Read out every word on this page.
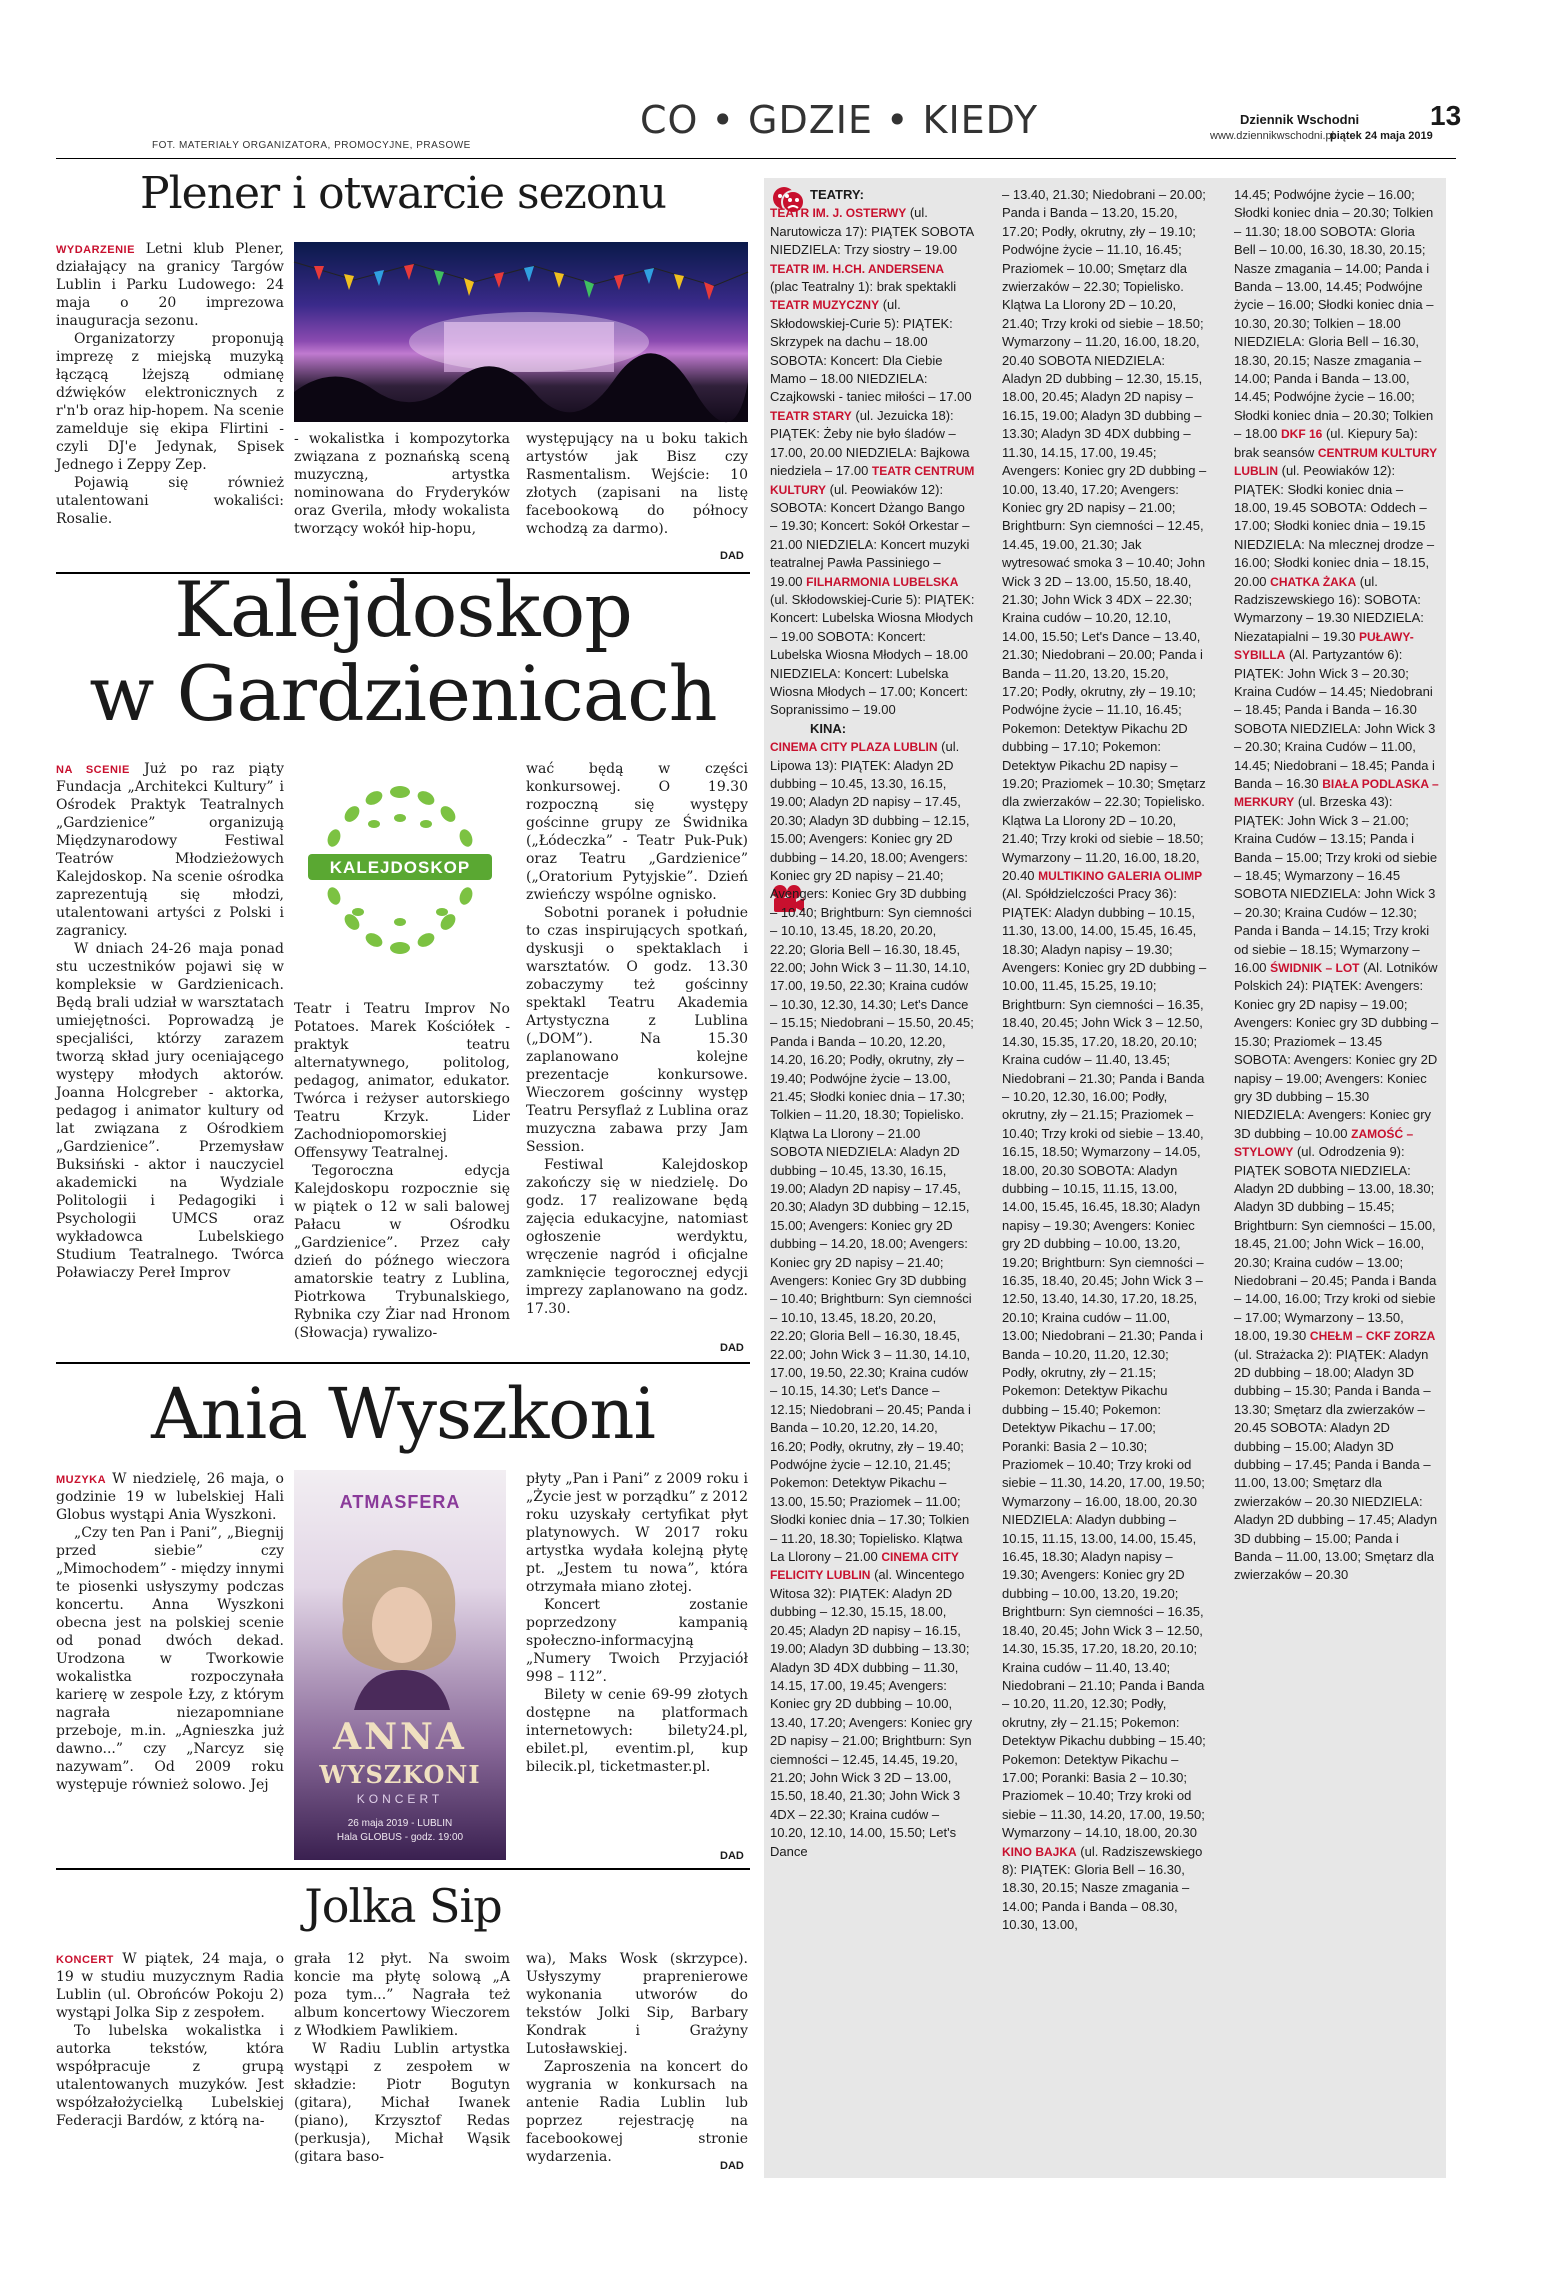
FOT. MATERIAŁY ORGANIZATORA, PROMOCYJNE, PRASOWE
CO • GDZIE • KIEDY	Dziennik Wschodni	13
www.dziennikwschodni.pl
piątek 24 maja 2019
Plener i otwarcie sezonu

WYDARZENIE Letni klub Plener, działający na granicy Targów Lublin i Parku Ludowego: 24 maja o 20 imprezowa inauguracja sezonu.

Organizatorzy proponują imprezę z miejską muzyką łączącą lżejszą odmianę dźwięków elektronicznych z r'n'b oraz hip-hopem. Na scenie zamelduje się ekipa Flirtini - czyli DJ'e Jedynak, Spisek Jednego i Zeppy Zep.

Pojawią się również utalentowani wokaliści: Rosalie.

- wokalistka i kompozytorka związana z poznańską sceną muzyczną, artystka nominowana do Fryderyków oraz Gverila, młody wokalista tworzący wokół hip-hopu,

występujący na u boku takich artystów jak Bisz czy Rasmentalism. Wejście: 10 złotych (zapisani na listę facebookową do północy wchodzą za darmo).

DAD
Kalejdoskop
w Gardzienicach

NA SCENIE Już po raz piąty Fundacja „Architekci Kultury” i Ośrodek Praktyk Teatralnych „Gardzienice” organizują Międzynarodowy Festiwal Teatrów Młodzieżowych Kalejdoskop. Na scenie ośrodka zaprezentują się młodzi, utalentowani artyści z Polski i zagranicy.

W dniach 24-26 maja ponad stu uczestników pojawi się w kompleksie w Gardzienicach. Będą brali udział w warsztatach umiejętności. Poprowadzą je specjaliści, którzy zarazem tworzą skład jury oceniającego występy młodych aktorów. Joanna Holcgreber - aktorka, pedagog i animator kultury od lat związana z Ośrodkiem „Gardzienice”. Przemysław Buksiński - aktor i nauczyciel akademicki na Wydziale Politologii i Pedagogiki i Psychologii UMCS oraz wykładowca Lubelskiego Studium Teatralnego. Twórca Poławiaczy Pereł Improv

KALEJDOSKOP

Teatr i Teatru Improv No Potatoes. Marek Kościółek - praktyk teatru alternatywnego, politolog, pedagog, animator, edukator. Twórca i reżyser autorskiego Teatru Krzyk. Lider Zachodniopomorskiej Offensywy Teatralnej.

Tegoroczna edycja Kalejdoskopu rozpocznie się w piątek o 12 w sali balowej Pałacu w Ośrodku „Gardzienice”. Przez cały dzień do późnego wieczora amatorskie teatry z Lublina, Piotrkowa Trybunalskiego, Rybnika czy Żiar nad Hronom (Słowacja) rywalizo-

wać będą w części konkursowej. O 19.30 rozpoczną się występy gościnne grupy ze Świdnika („Łódeczka” - Teatr Puk-Puk) oraz Teatru „Gardzienice” („Oratorium Pytyjskie”. Dzień zwieńczy wspólne ognisko.

Sobotni poranek i południe to czas inspirujących spotkań, dyskusji o spektaklach i warsztatów. O godz. 13.30 zobaczymy też gościnny spektakl Teatru Akademia Artystyczna z Lublina („DOM”). Na 15.30 zaplanowano kolejne prezentacje konkursowe. Wieczorem gościnny występ Teatru Persyflaż z Lublina oraz muzyczna zabawa przy Jam Session.

Festiwal Kalejdoskop zakończy się w niedzielę. Do godz. 17 realizowane będą zajęcia edukacyjne, natomiast ogłoszenie werdyktu, wręczenie nagród i oficjalne zamknięcie tegorocznej edycji imprezy zaplanowano na godz. 17.30.

DAD
Ania Wyszkoni

MUZYKA W niedzielę, 26 maja, o godzinie 19 w lubelskiej Hali Globus wystąpi Ania Wyszkoni.

„Czy ten Pan i Pani”, „Biegnij przed siebie” czy „Mimochodem” - między innymi te piosenki usłyszymy podczas koncertu. Anna Wyszkoni obecna jest na polskiej scenie od ponad dwóch dekad. Urodzona w Tworkowie wokalistka rozpoczynała karierę w zespole Łzy, z którym nagrała niezapomniane przeboje, m.in. „Agnieszka już dawno...” czy „Narcyz się nazywam”. Od 2009 roku występuje również solowo. Jej

ATMASFERA
ANNA
WYSZKONI
KONCERT
26 maja 2019 - LUBLIN
Hala GLOBUS - godz. 19:00

płyty „Pan i Pani” z 2009 roku i „Życie jest w porządku” z 2012 roku uzyskały certyfikat płyt platynowych. W 2017 roku artystka wydała kolejną płytę pt. „Jestem tu nowa”, która otrzymała miano złotej.

Koncert zostanie poprzedzony kampanią społeczno-informacyjną „Numery Twoich Przyjaciół 998 – 112”.

Bilety w cenie 69-99 złotych dostępne na platformach internetowych: bilety24.pl, ebilet.pl, eventim.pl, kup bilecik.pl, ticketmaster.pl.

DAD
Jolka Sip

KONCERT W piątek, 24 maja, o 19 w studiu muzycznym Radia Lublin (ul. Obrońców Pokoju 2) wystąpi Jolka Sip z zespołem.

To lubelska wokalistka i autorka tekstów, która współpracuje z grupą utalentowanych muzyków. Jest współzałożycielką Lubelskiej Federacji Bardów, z którą na-

grała 12 płyt. Na swoim koncie ma płytę solową „A poza tym...” Nagrała też album koncertowy Wieczorem z Włodkiem Pawlikiem.

W Radiu Lublin artystka wystąpi z zespołem w składzie: Piotr Bogutyn (gitara), Michał Iwanek (piano), Krzysztof Redas (perkusja), Michał Wąsik (gitara baso-

wa), Maks Wosk (skrzypce). Usłyszymy praprenierowe wykonania utworów do tekstów Jolki Sip, Barbary Kondrak i Grażyny Lutosławskiej.

Zaproszenia na koncert do wygrania w konkursach na antenie Radia Lublin lub poprzez rejestrację na facebookowej stronie wydarzenia.

DAD
TEATRY:
TEATR IM. J. OSTERWY (ul. Narutowicza 17): PIĄTEK SOBOTA NIEDZIELA: Trzy siostry – 19.00 TEATR IM. H.CH. ANDERSENA (plac Teatralny 1): brak spektakli TEATR MUZYCZNY (ul. Skłodowskiej-Curie 5): PIĄTEK: Skrzypek na dachu – 18.00 SOBOTA: Koncert: Dla Ciebie Mamo – 18.00 NIEDZIELA: Czajkowski - taniec miłości – 17.00 TEATR STARY (ul. Jezuicka 18): PIĄTEK: Żeby nie było śladów – 17.00, 20.00 NIEDZIELA: Bajkowa niedziela – 17.00 TEATR CENTRUM KULTURY (ul. Peowiaków 12): SOBOTA: Koncert Dżango Bango – 19.30; Koncert: Sokół Orkestar – 21.00 NIEDZIELA: Koncert muzyki teatralnej Pawła Passiniego – 19.00 FILHARMONIA LUBELSKA (ul. Skłodowskiej-Curie 5): PIĄTEK: Koncert: Lubelska Wiosna Młodych – 19.00 SOBOTA: Koncert: Lubelska Wiosna Młodych – 18.00 NIEDZIELA: Koncert: Lubelska Wiosna Młodych – 17.00; Koncert: Sopranissimo – 19.00
KINA:
CINEMA CITY PLAZA LUBLIN (ul. Lipowa 13): PIĄTEK: Aladyn 2D dubbing – 10.45, 13.30, 16.15, 19.00; Aladyn 2D napisy – 17.45, 20.30; Aladyn 3D dubbing – 12.15, 15.00; Avengers: Koniec gry 2D dubbing – 14.20, 18.00; Avengers: Koniec gry 2D napisy – 21.40; Avengers: Koniec Gry 3D dubbing – 10.40; Brightburn: Syn ciemności – 10.10, 13.45, 18.20, 20.20, 22.20; Gloria Bell – 16.30, 18.45, 22.00; John Wick 3 – 11.30, 14.10, 17.00, 19.50, 22.30; Kraina cudów – 10.30, 12.30, 14.30; Let's Dance – 15.15; Niedobrani – 15.50, 20.45; Panda i Banda – 10.20, 12.20, 14.20, 16.20; Podły, okrutny, zły – 19.40; Podwójne życie – 13.00, 21.45; Słodki koniec dnia – 17.30; Tolkien – 11.20, 18.30; Topielisko. Klątwa La Llorony – 21.00 SOBOTA NIEDZIELA: Aladyn 2D dubbing – 10.45, 13.30, 16.15, 19.00; Aladyn 2D napisy – 17.45, 20.30; Aladyn 3D dubbing – 12.15, 15.00; Avengers: Koniec gry 2D dubbing – 14.20, 18.00; Avengers: Koniec gry 2D napisy – 21.40; Avengers: Koniec Gry 3D dubbing – 10.40; Brightburn: Syn ciemności – 10.10, 13.45, 18.20, 20.20, 22.20; Gloria Bell – 16.30, 18.45, 22.00; John Wick 3 – 11.30, 14.10, 17.00, 19.50, 22.30; Kraina cudów – 10.15, 14.30; Let's Dance – 12.15; Niedobrani – 20.45; Panda i Banda – 10.20, 12.20, 14.20, 16.20; Podły, okrutny, zły – 19.40; Podwójne życie – 12.10, 21.45; Pokemon: Detektyw Pikachu – 13.00, 15.50; Praziomek – 11.00; Słodki koniec dnia – 17.30; Tolkien – 11.20, 18.30; Topielisko. Klątwa La Llorony – 21.00 CINEMA CITY FELICITY LUBLIN (al. Wincentego Witosa 32): PIĄTEK: Aladyn 2D dubbing – 12.30, 15.15, 18.00, 20.45; Aladyn 2D napisy – 16.15, 19.00; Aladyn 3D dubbing – 13.30; Aladyn 3D 4DX dubbing – 11.30, 14.15, 17.00, 19.45; Avengers: Koniec gry 2D dubbing – 10.00, 13.40, 17.20; Avengers: Koniec gry 2D napisy – 21.00; Brightburn: Syn ciemności – 12.45, 14.45, 19.20, 21.20; John Wick 3 2D – 13.00, 15.50, 18.40, 21.30; John Wick 3 4DX – 22.30; Kraina cudów – 10.20, 12.10, 14.00, 15.50; Let's Dance
– 13.40, 21.30; Niedobrani – 20.00; Panda i Banda – 13.20, 15.20, 17.20; Podły, okrutny, zły – 19.10; Podwójne życie – 11.10, 16.45; Praziomek – 10.00; Smętarz dla zwierzaków – 22.30; Topielisko. Klątwa La Llorony 2D – 10.20, 21.40; Trzy kroki od siebie – 18.50; Wymarzony – 11.20, 16.00, 18.20, 20.40 SOBOTA NIEDZIELA: Aladyn 2D dubbing – 12.30, 15.15, 18.00, 20.45; Aladyn 2D napisy – 16.15, 19.00; Aladyn 3D dubbing – 13.30; Aladyn 3D 4DX dubbing – 11.30, 14.15, 17.00, 19.45; Avengers: Koniec gry 2D dubbing – 10.00, 13.40, 17.20; Avengers: Koniec gry 2D napisy – 21.00; Brightburn: Syn ciemności – 12.45, 14.45, 19.00, 21.30; Jak wytresować smoka 3 – 10.40; John Wick 3 2D – 13.00, 15.50, 18.40, 21.30; John Wick 3 4DX – 22.30; Kraina cudów – 10.20, 12.10, 14.00, 15.50; Let's Dance – 13.40, 21.30; Niedobrani – 20.00; Panda i Banda – 11.20, 13.20, 15.20, 17.20; Podły, okrutny, zły – 19.10; Podwójne życie – 11.10, 16.45; Pokemon: Detektyw Pikachu 2D dubbing – 17.10; Pokemon: Detektyw Pikachu 2D napisy – 19.20; Praziomek – 10.30; Smętarz dla zwierzaków – 22.30; Topielisko. Klątwa La Llorony 2D – 10.20, 21.40; Trzy kroki od siebie – 18.50; Wymarzony – 11.20, 16.00, 18.20, 20.40 MULTIKINO GALERIA OLIMP (Al. Spółdzielczości Pracy 36): PIĄTEK: Aladyn dubbing – 10.15, 11.30, 13.00, 14.00, 15.45, 16.45, 18.30; Aladyn napisy – 19.30; Avengers: Koniec gry 2D dubbing – 10.00, 11.45, 15.25, 19.10; Brightburn: Syn ciemności – 16.35, 18.40, 20.45; John Wick 3 – 12.50, 14.30, 15.35, 17.20, 18.20, 20.10; Kraina cudów – 11.40, 13.45; Niedobrani – 21.30; Panda i Banda – 10.20, 12.30, 16.00; Podły, okrutny, zły – 21.15; Praziomek – 10.40; Trzy kroki od siebie – 13.40, 16.15, 18.50; Wymarzony – 14.05, 18.00, 20.30 SOBOTA: Aladyn dubbing – 10.15, 11.15, 13.00, 14.00, 15.45, 16.45, 18.30; Aladyn napisy – 19.30; Avengers: Koniec gry 2D dubbing – 10.00, 13.20, 19.20; Brightburn: Syn ciemności – 16.35, 18.40, 20.45; John Wick 3 – 12.50, 13.40, 14.30, 17.20, 18.25, 20.10; Kraina cudów – 11.00, 13.00; Niedobrani – 21.30; Panda i Banda – 10.20, 11.20, 12.30; Podły, okrutny, zły – 21.15; Pokemon: Detektyw Pikachu dubbing – 15.40; Pokemon: Detektyw Pikachu – 17.00; Poranki: Basia 2 – 10.30; Praziomek – 10.40; Trzy kroki od siebie – 11.30, 14.20, 17.00, 19.50; Wymarzony – 16.00, 18.00, 20.30 NIEDZIELA: Aladyn dubbing – 10.15, 11.15, 13.00, 14.00, 15.45, 16.45, 18.30; Aladyn napisy – 19.30; Avengers: Koniec gry 2D dubbing – 10.00, 13.20, 19.20; Brightburn: Syn ciemności – 16.35, 18.40, 20.45; John Wick 3 – 12.50, 14.30, 15.35, 17.20, 18.20, 20.10; Kraina cudów – 11.40, 13.40; Niedobrani – 21.10; Panda i Banda – 10.20, 11.20, 12.30; Podły, okrutny, zły – 21.15; Pokemon: Detektyw Pikachu dubbing – 15.40; Pokemon: Detektyw Pikachu – 17.00; Poranki: Basia 2 – 10.30; Praziomek – 10.40; Trzy kroki od siebie – 11.30, 14.20, 17.00, 19.50; Wymarzony – 14.10, 18.00, 20.30 KINO BAJKA (ul. Radziszewskiego 8): PIĄTEK: Gloria Bell – 16.30, 18.30, 20.15; Nasze zmagania – 14.00; Panda i Banda – 08.30, 10.30, 13.00,
14.45; Podwójne życie – 16.00; Słodki koniec dnia – 20.30; Tolkien – 11.30; 18.00 SOBOTA: Gloria Bell – 10.00, 16.30, 18.30, 20.15; Nasze zmagania – 14.00; Panda i Banda – 13.00, 14.45; Podwójne życie – 16.00; Słodki koniec dnia – 10.30, 20.30; Tolkien – 18.00 NIEDZIELA: Gloria Bell – 16.30, 18.30, 20.15; Nasze zmagania – 14.00; Panda i Banda – 13.00, 14.45; Podwójne życie – 16.00; Słodki koniec dnia – 20.30; Tolkien – 18.00 DKF 16 (ul. Kiepury 5a): brak seansów CENTRUM KULTURY LUBLIN (ul. Peowiaków 12): PIĄTEK: Słodki koniec dnia – 18.00, 19.45 SOBOTA: Oddech – 17.00; Słodki koniec dnia – 19.15 NIEDZIELA: Na mlecznej drodze – 16.00; Słodki koniec dnia – 18.15, 20.00 CHATKA ŻAKA (ul. Radziszewskiego 16): SOBOTA: Wymarzony – 19.30 NIEDZIELA: Niezatapialni – 19.30 PUŁAWY-SYBILLA (Al. Partyzantów 6): PIĄTEK: John Wick 3 – 20.30; Kraina Cudów – 14.45; Niedobrani – 18.45; Panda i Banda – 16.30 SOBOTA NIEDZIELA: John Wick 3 – 20.30; Kraina Cudów – 11.00, 14.45; Niedobrani – 18.45; Panda i Banda – 16.30 BIAŁA PODLASKA –MERKURY (ul. Brzeska 43): PIĄTEK: John Wick 3 – 21.00; Kraina Cudów – 13.15; Panda i Banda – 15.00; Trzy kroki od siebie – 18.45; Wymarzony – 16.45 SOBOTA NIEDZIELA: John Wick 3 – 20.30; Kraina Cudów – 12.30; Panda i Banda – 14.15; Trzy kroki od siebie – 18.15; Wymarzony – 16.00 ŚWIDNIK – LOT (Al. Lotników Polskich 24): PIĄTEK: Avengers: Koniec gry 2D napisy – 19.00; Avengers: Koniec gry 3D dubbing – 15.30; Praziomek – 13.45 SOBOTA: Avengers: Koniec gry 2D napisy – 19.00; Avengers: Koniec gry 3D dubbing – 15.30 NIEDZIELA: Avengers: Koniec gry 3D dubbing – 10.00 ZAMOŚĆ – STYLOWY (ul. Odrodzenia 9): PIĄTEK SOBOTA NIEDZIELA: Aladyn 2D dubbing – 13.00, 18.30; Aladyn 3D dubbing – 15.45; Brightburn: Syn ciemności – 15.00, 18.45, 21.00; John Wick – 16.00, 20.30; Kraina cudów – 13.00; Niedobrani – 20.45; Panda i Banda – 14.00, 16.00; Trzy kroki od siebie – 17.00; Wymarzony – 13.50, 18.00, 19.30 CHEŁM – CKF ZORZA (ul. Strażacka 2): PIĄTEK: Aladyn 2D dubbing – 18.00; Aladyn 3D dubbing – 15.30; Panda i Banda – 13.30; Smętarz dla zwierzaków – 20.45 SOBOTA: Aladyn 2D dubbing – 15.00; Aladyn 3D dubbing – 17.45; Panda i Banda – 11.00, 13.00; Smętarz dla zwierzaków – 20.30 NIEDZIELA: Aladyn 2D dubbing – 17.45; Aladyn 3D dubbing – 15.00; Panda i Banda – 11.00, 13.00; Smętarz dla zwierzaków – 20.30
